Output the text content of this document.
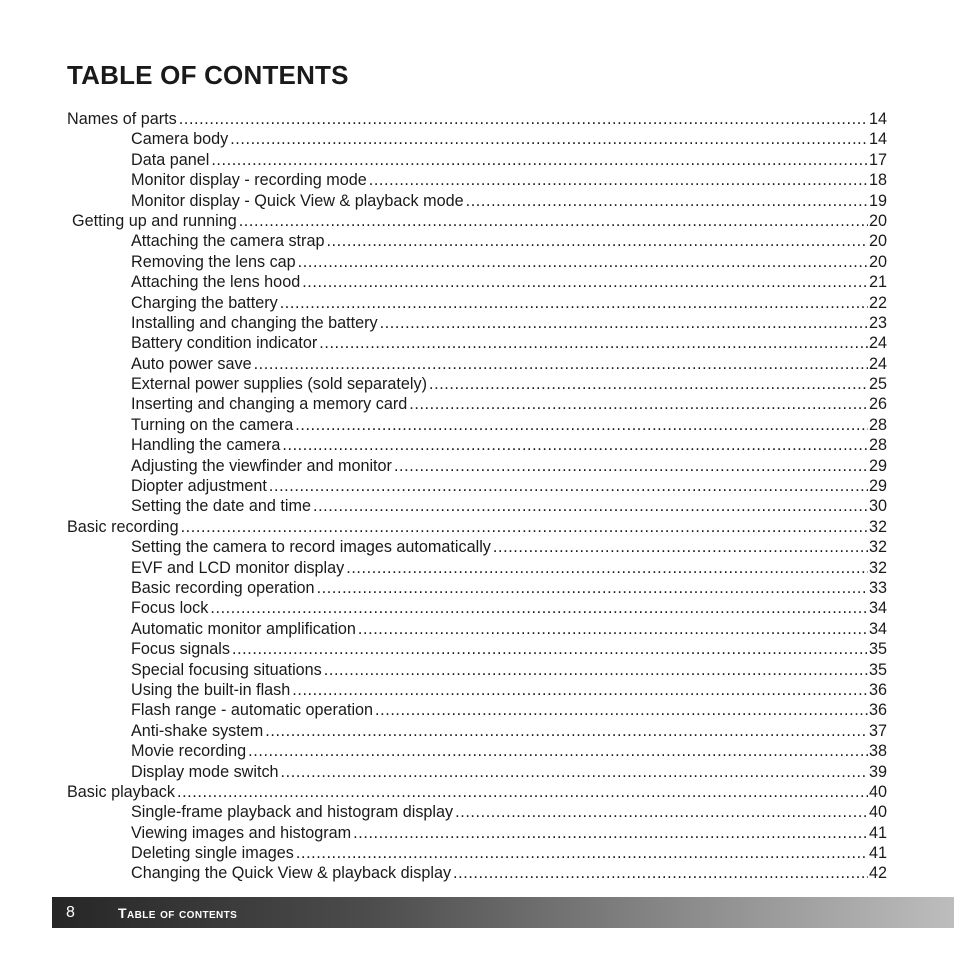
TABLE OF CONTENTS
Names of parts .....	14
Camera body .....	14
Data panel .....	17
Monitor display - recording mode .....	18
Monitor display - Quick View & playback mode .....	19
Getting up and running .....	20
Attaching the camera strap .....	20
Removing the lens cap .....	20
Attaching the lens hood .....	21
Charging the battery .....	22
Installing and changing the battery .....	23
Battery condition indicator .....	24
Auto power save .....	24
External power supplies (sold separately) .....	25
Inserting and changing a memory card .....	26
Turning on the camera .....	28
Handling the camera .....	28
Adjusting the viewfinder and monitor .....	29
Diopter adjustment .....	29
Setting the date and time .....	30
Basic recording .....	32
Setting the camera to record images automatically .....	32
EVF and LCD monitor display .....	32
Basic recording operation .....	33
Focus lock .....	34
Automatic monitor amplification .....	34
Focus signals .....	35
Special focusing situations .....	35
Using the built-in flash .....	36
Flash range - automatic operation .....	36
Anti-shake system .....	37
Movie recording .....	38
Display mode switch .....	39
Basic playback .....	40
Single-frame playback and histogram display .....	40
Viewing images and histogram .....	41
Deleting single images .....	41
Changing the Quick View & playback display .....	42
8	Table of contents
